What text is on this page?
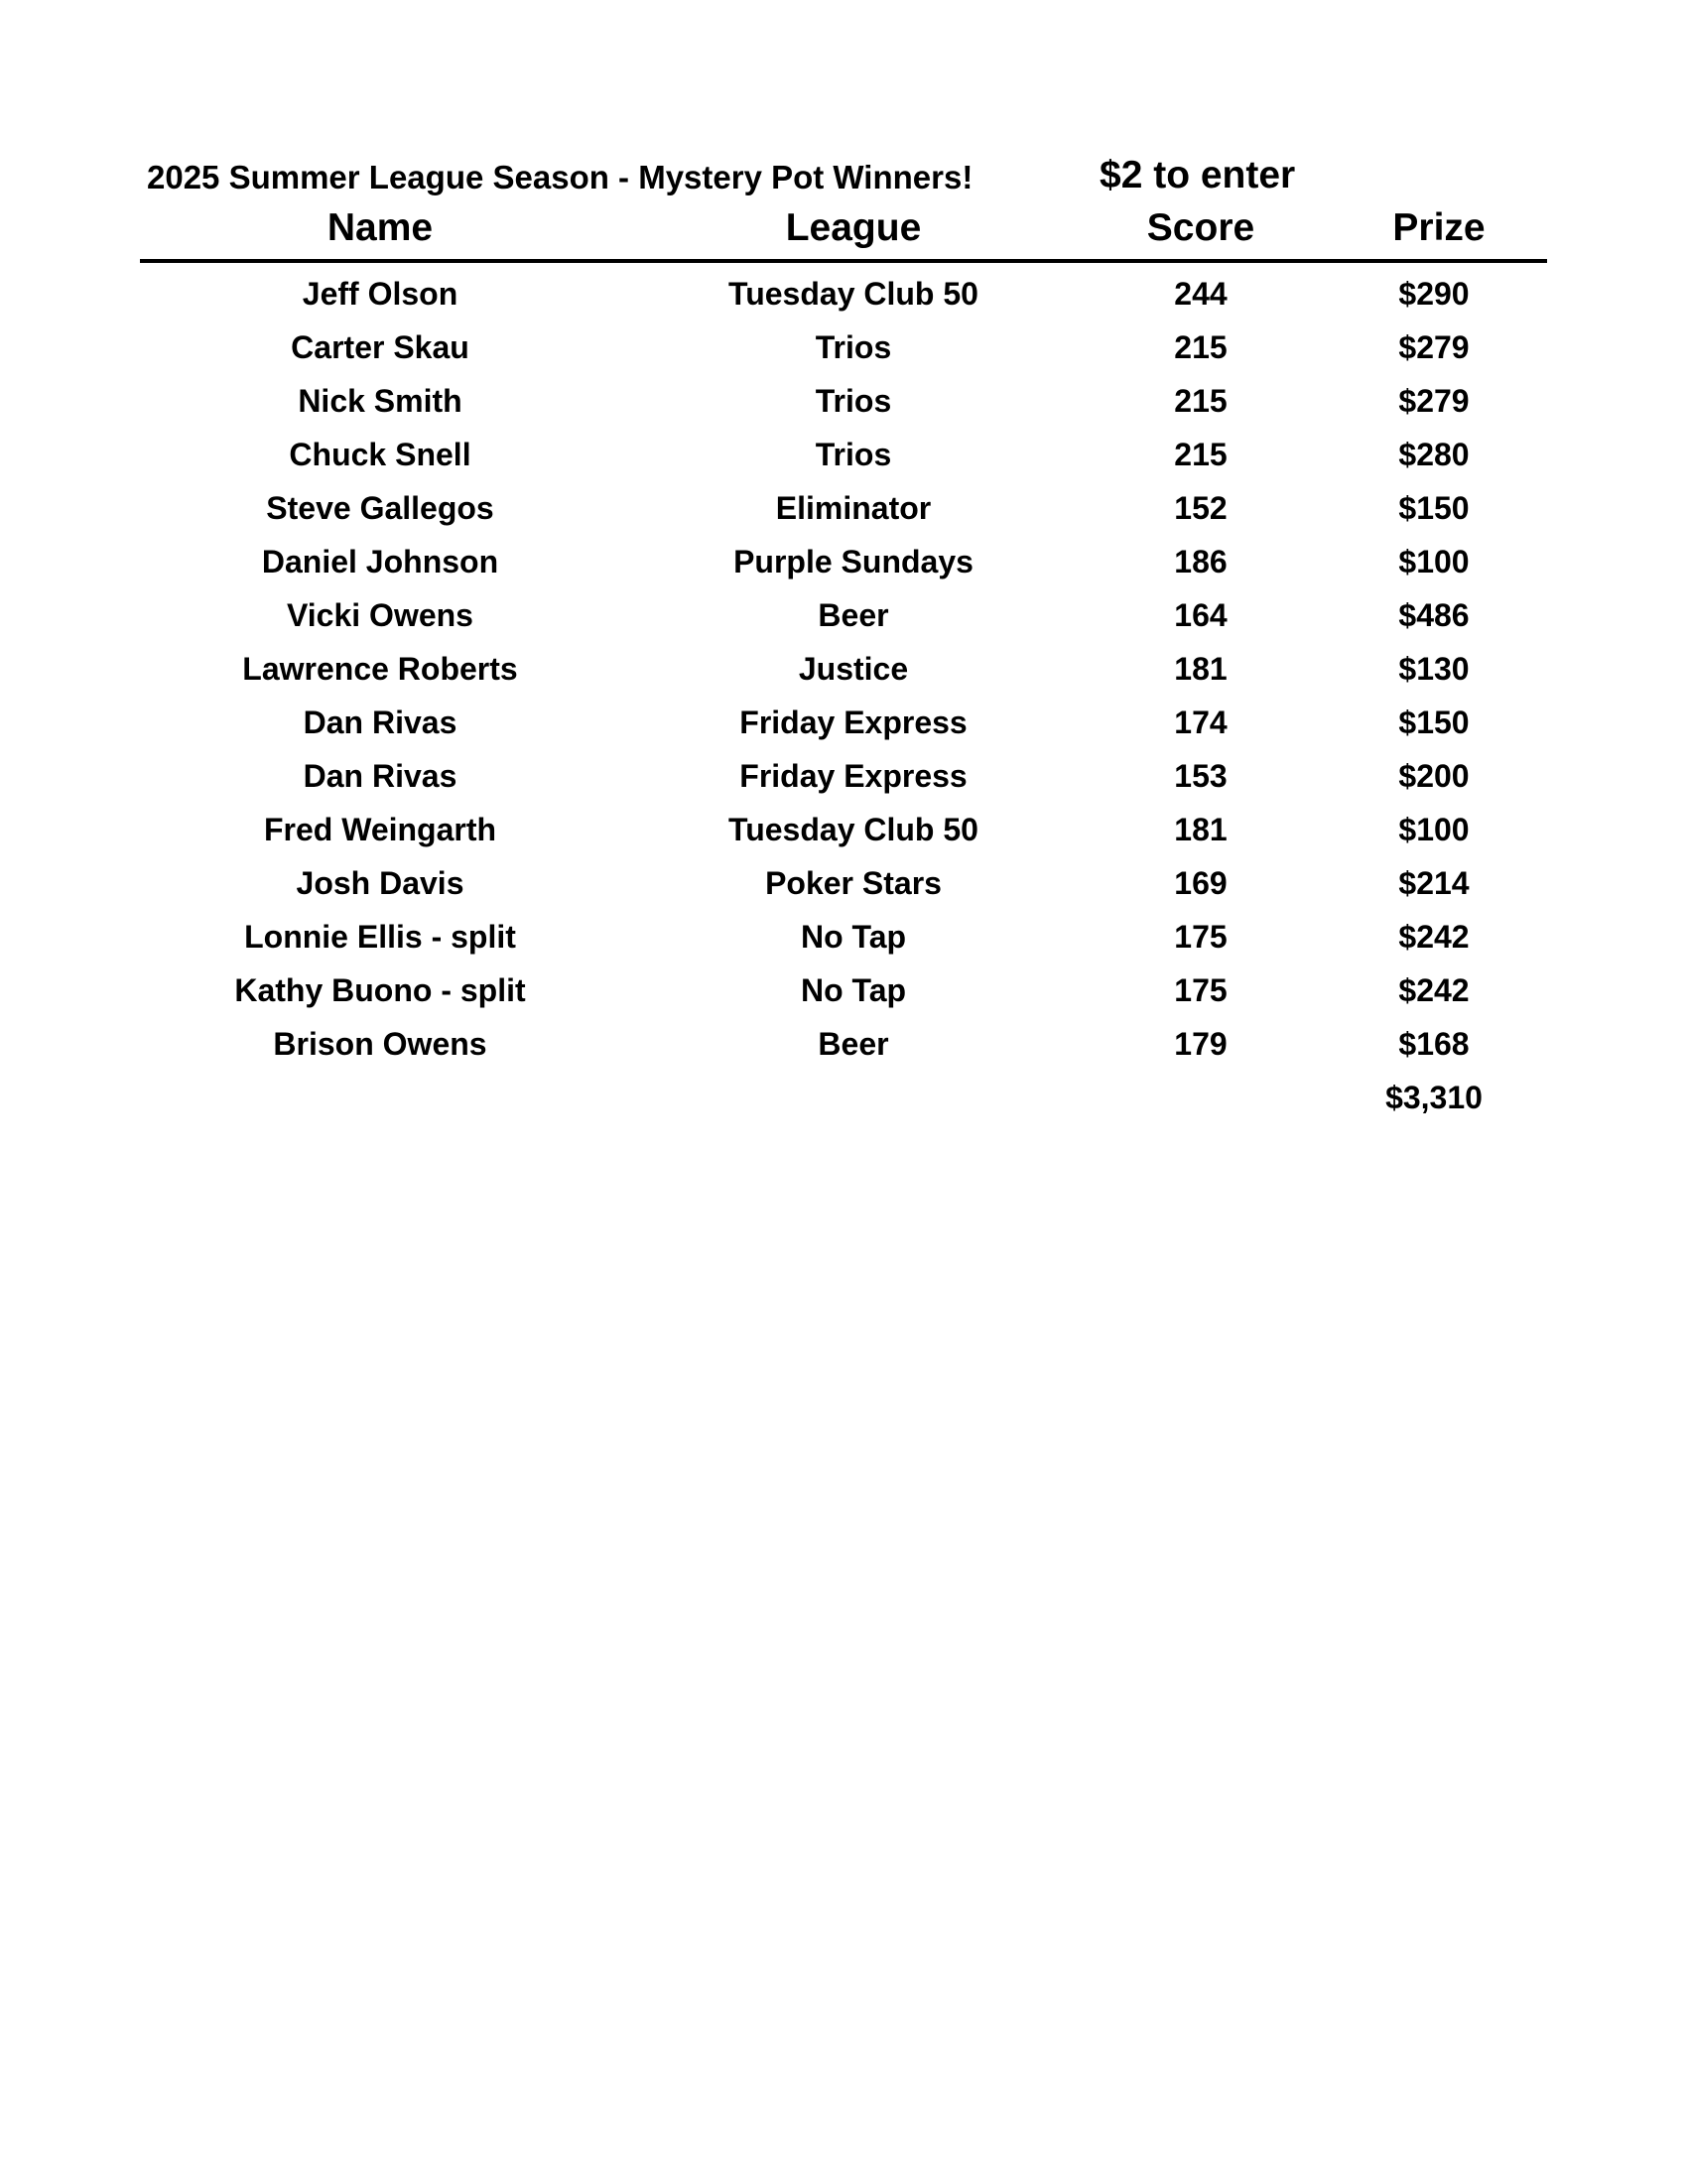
2025 Summer League Season - Mystery Pot Winners!	$2 to enter
Name	League	Score	Prize
Jeff Olson	Tuesday Club 50	244	$290
Carter Skau	Trios	215	$279
Nick Smith	Trios	215	$279
Chuck Snell	Trios	215	$280
Steve Gallegos	Eliminator	152	$150
Daniel Johnson	Purple Sundays	186	$100
Vicki Owens	Beer	164	$486
Lawrence Roberts	Justice	181	$130
Dan Rivas	Friday Express	174	$150
Dan Rivas	Friday Express	153	$200
Fred Weingarth	Tuesday Club 50	181	$100
Josh Davis	Poker Stars	169	$214
Lonnie Ellis - split	No Tap	175	$242
Kathy Buono - split	No Tap	175	$242
Brison Owens	Beer	179	$168
$3,310
